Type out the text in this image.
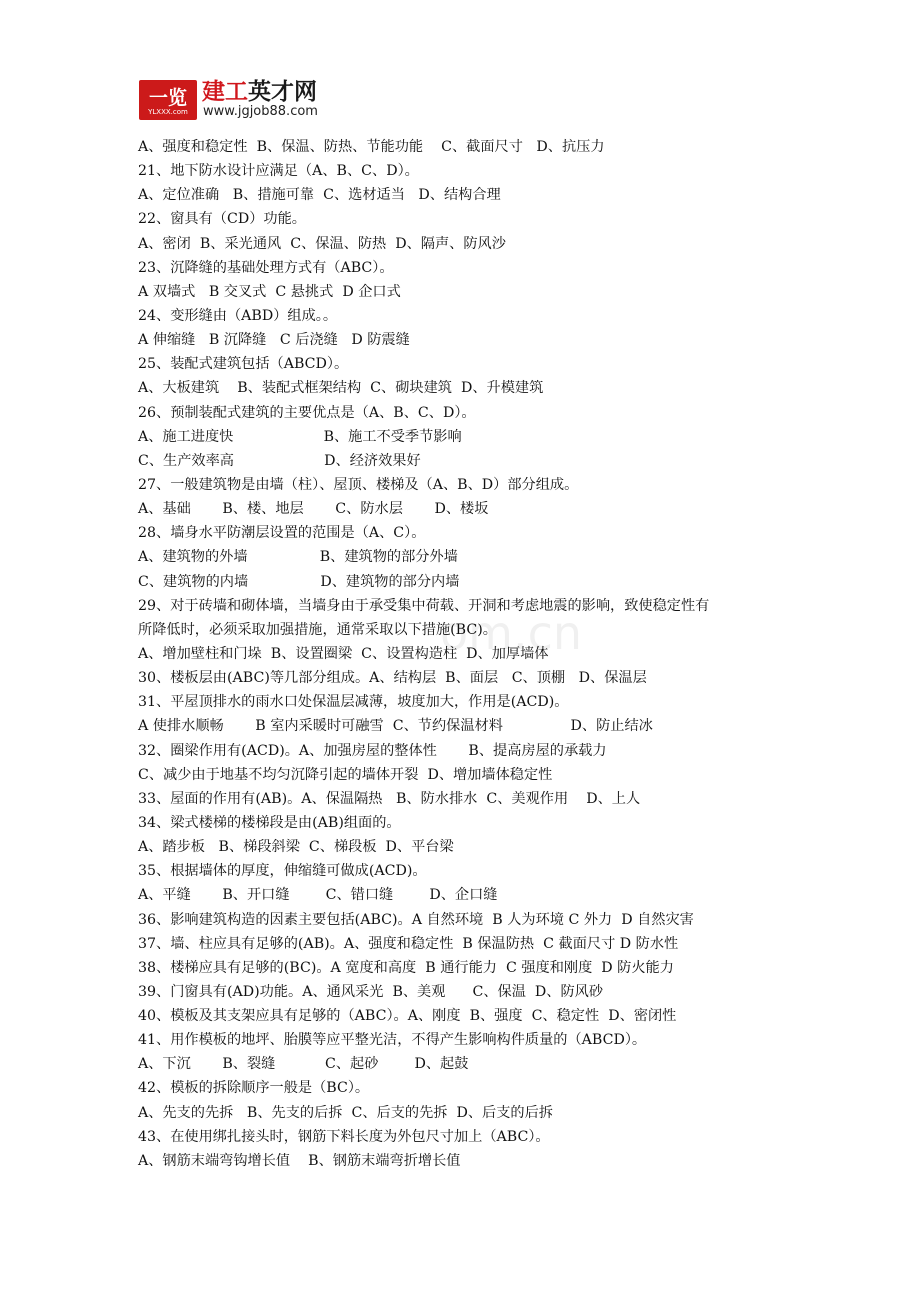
一览
YLXXX.com
建工英才网
www.jgjob88.com
om.cn
A、强度和稳定性  B、保温、防热、节能功能    C、截面尺寸   D、抗压力
21、地下防水设计应满足（A、B、C、D）。
A、定位准确   B、措施可靠  C、选材适当   D、结构合理
22、窗具有（CD）功能。
A、密闭  B、采光通风  C、保温、防热  D、隔声、防风沙
23、沉降缝的基础处理方式有（ABC）。
A 双墙式   B 交叉式  C 悬挑式  D 企口式
24、变形缝由（ABD）组成。。
A 伸缩缝   B 沉降缝   C 后浇缝   D 防震缝
25、装配式建筑包括（ABCD）。
A、大板建筑    B、装配式框架结构  C、砌块建筑  D、升模建筑
26、预制装配式建筑的主要优点是（A、B、C、D）。
A、施工进度快                    B、施工不受季节影响
C、生产效率高                    D、经济效果好
27、一般建筑物是由墙（柱）、屋顶、楼梯及（A、B、D）部分组成。
A、基础       B、楼、地层       C、防水层       D、楼坂
28、墙身水平防潮层设置的范围是（A、C）。
A、建筑物的外墙                B、建筑物的部分外墙
C、建筑物的内墙                D、建筑物的部分内墙
29、对于砖墙和砌体墙，当墙身由于承受集中荷载、开洞和考虑地震的影响，致使稳定性有
所降低时，必须采取加强措施，通常采取以下措施(BC)。
A、增加壁柱和门垛  B、设置圈梁  C、设置构造柱  D、加厚墙体
30、楼板层由(ABC)等几部分组成。A、结构层  B、面层   C、顶棚   D、保温层
31、平屋顶排水的雨水口处保温层减薄，坡度加大，作用是(ACD)。
A 使排水顺畅       B 室内采暖时可融雪  C、节约保温材料               D、防止结冰
32、圈梁作用有(ACD)。A、加强房屋的整体性       B、提高房屋的承载力
C、减少由于地基不均匀沉降引起的墙体开裂  D、增加墙体稳定性
33、屋面的作用有(AB)。A、保温隔热   B、防水排水  C、美观作用    D、上人
34、梁式楼梯的楼梯段是由(AB)组面的。
A、踏步板   B、梯段斜梁  C、梯段板  D、平台梁
35、根据墙体的厚度，伸缩缝可做成(ACD)。
A、平缝       B、开口缝        C、错口缝        D、企口缝
36、影响建筑构造的因素主要包括(ABC)。A 自然环境  B 人为环境 C 外力  D 自然灾害
37、墙、柱应具有足够的(AB)。A、强度和稳定性  B 保温防热  C 截面尺寸 D 防水性
38、楼梯应具有足够的(BC)。A 宽度和高度  B 通行能力  C 强度和刚度  D 防火能力
39、门窗具有(AD)功能。A、通风采光  B、美观      C、保温  D、防风砂
40、模板及其支架应具有足够的（ABC）。A、刚度  B、强度  C、稳定性  D、密闭性
41、用作模板的地坪、胎膜等应平整光洁，不得产生影响构件质量的（ABCD）。
A、下沉       B、裂缝           C、起砂        D、起鼓
42、模板的拆除顺序一般是（BC）。
A、先支的先拆   B、先支的后拆  C、后支的先拆  D、后支的后拆
43、在使用绑扎接头时，钢筋下料长度为外包尺寸加上（ABC）。
A、钢筋末端弯钩增长值    B、钢筋末端弯折增长值
